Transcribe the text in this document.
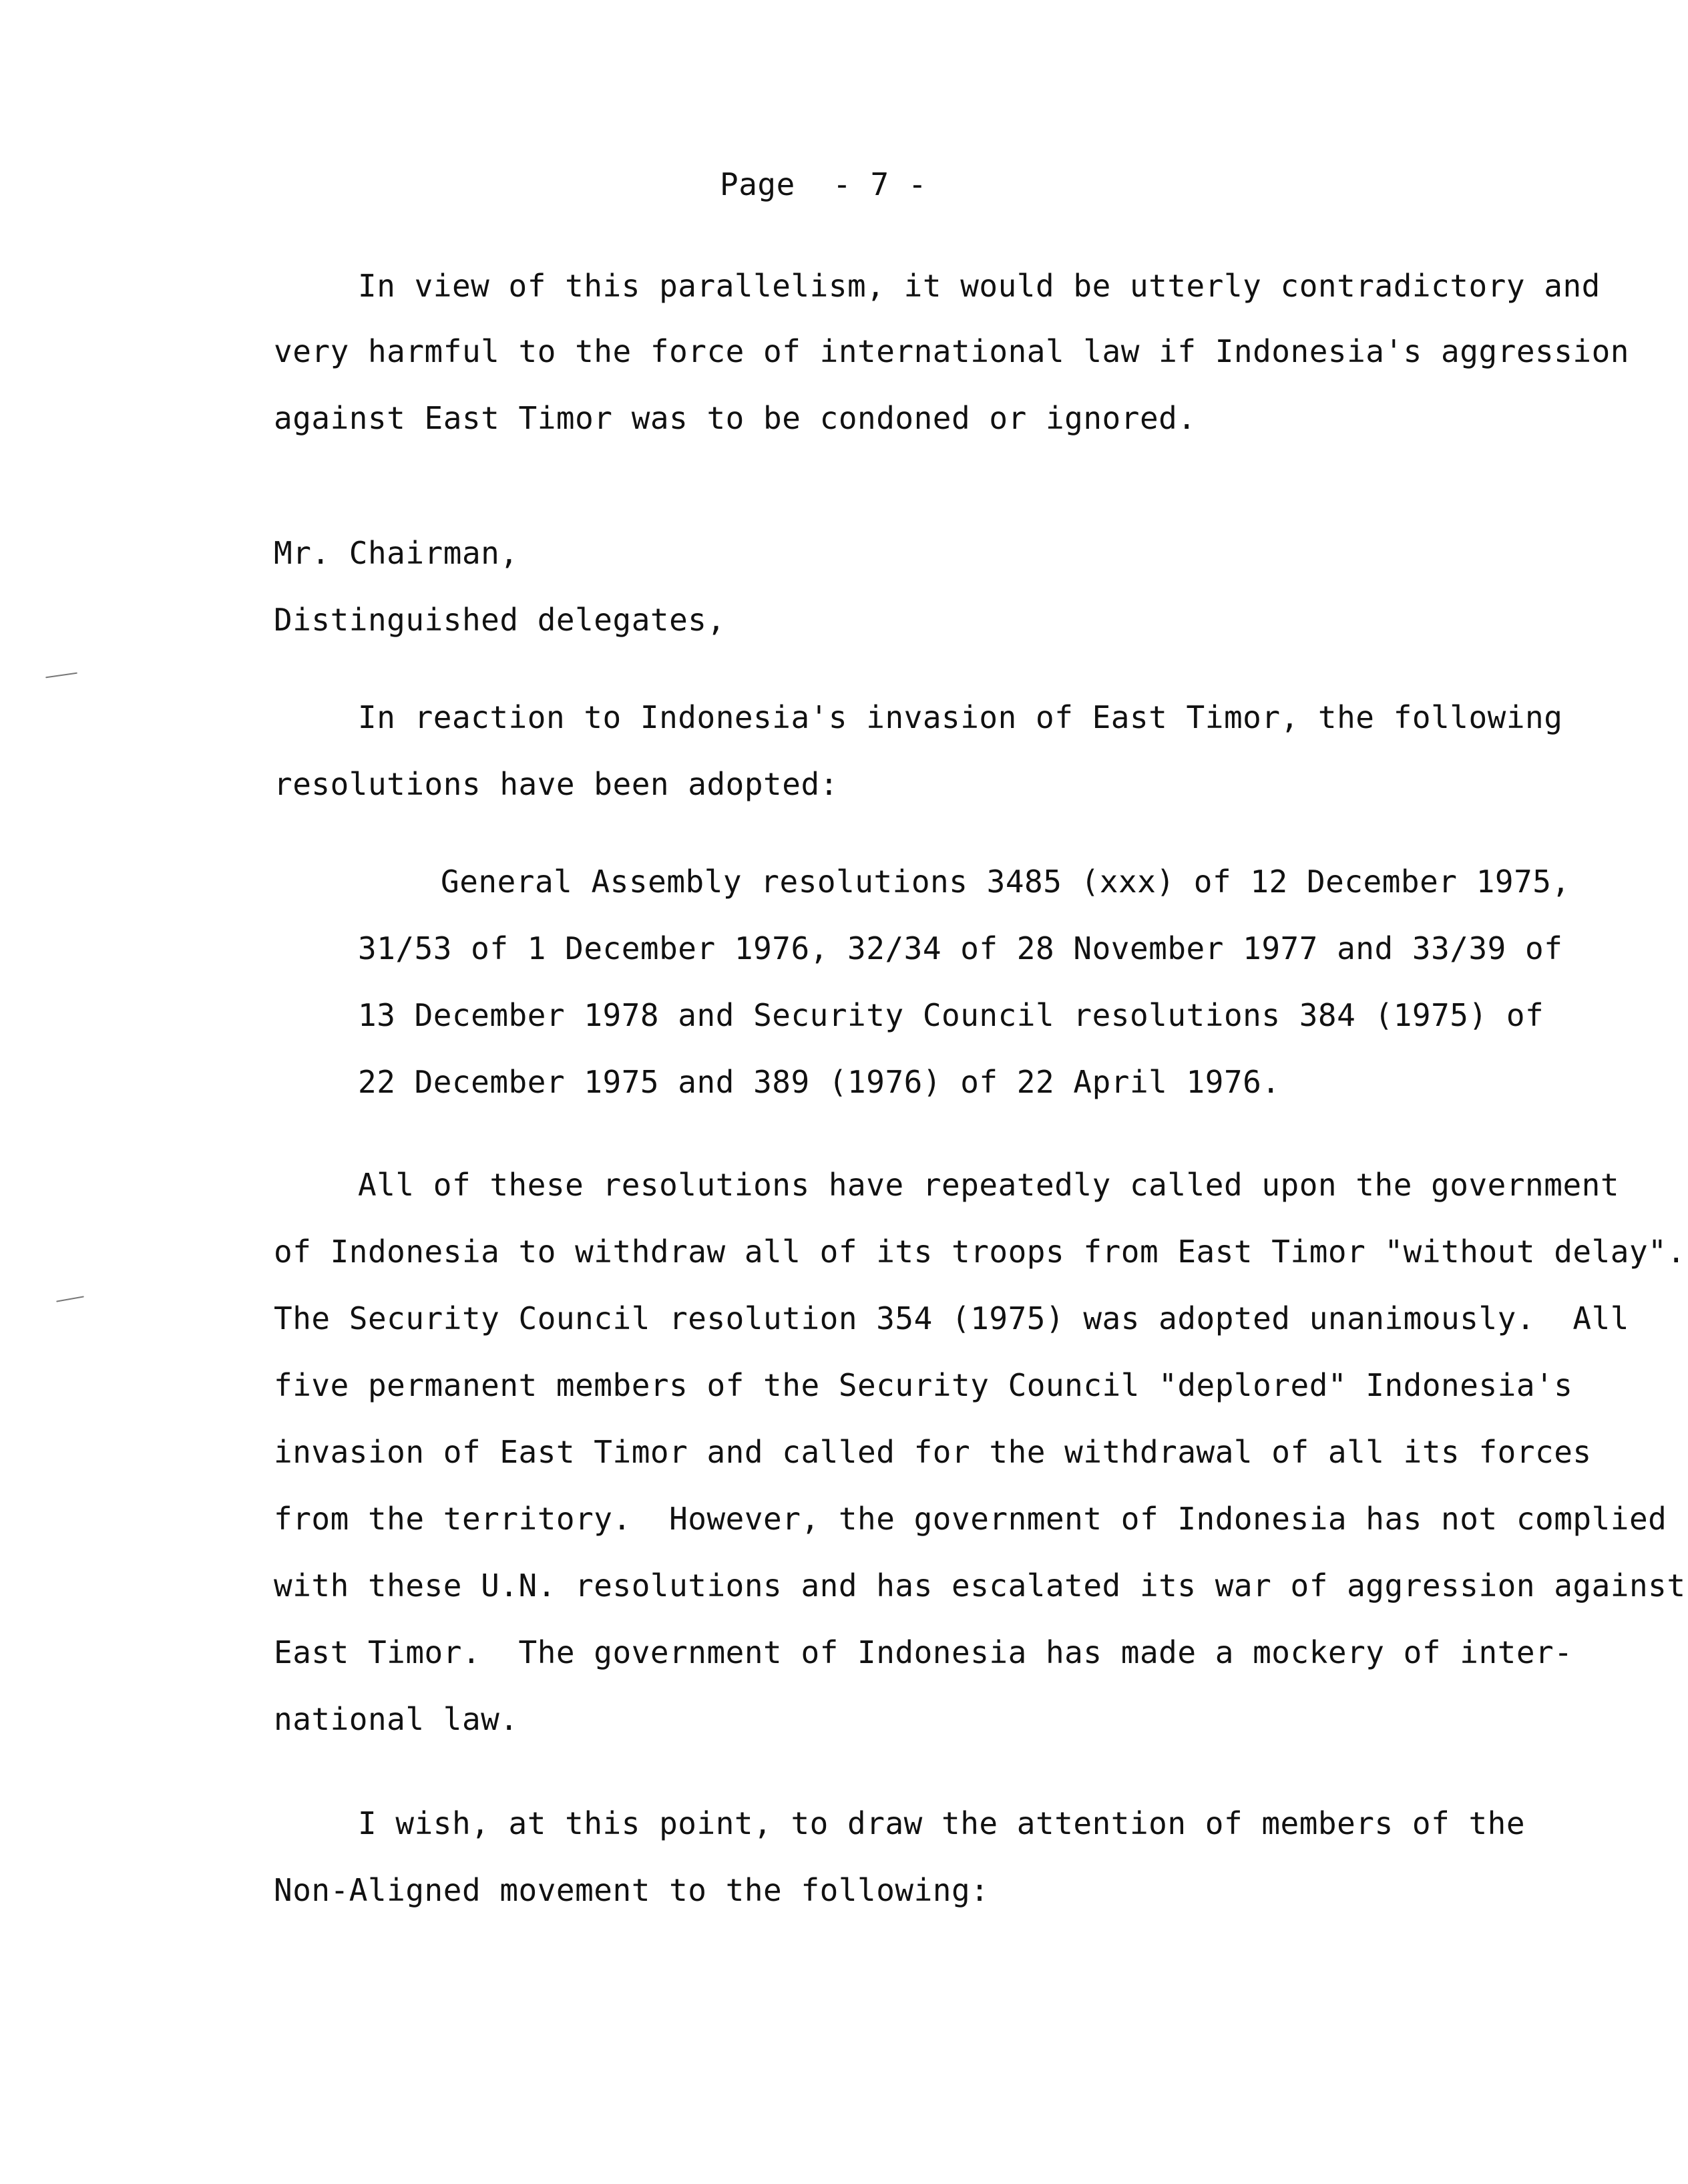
Page  - 7 -
In view of this parallelism, it would be utterly contradictory and
very harmful to the force of international law if Indonesia's aggression
against East Timor was to be condoned or ignored.
Mr. Chairman,
Distinguished delegates,
In reaction to Indonesia's invasion of East Timor, the following
resolutions have been adopted:
General Assembly resolutions 3485 (xxx) of 12 December 1975,
31/53 of 1 December 1976, 32/34 of 28 November 1977 and 33/39 of
13 December 1978 and Security Council resolutions 384 (1975) of
22 December 1975 and 389 (1976) of 22 April 1976.
All of these resolutions have repeatedly called upon the government
of Indonesia to withdraw all of its troops from East Timor "without delay".
The Security Council resolution 354 (1975) was adopted unanimously.  All
five permanent members of the Security Council "deplored" Indonesia's
invasion of East Timor and called for the withdrawal of all its forces
from the territory.  However, the government of Indonesia has not complied
with these U.N. resolutions and has escalated its war of aggression against
East Timor.  The government of Indonesia has made a mockery of inter-
national law.
I wish, at this point, to draw the attention of members of the
Non-Aligned movement to the following:
